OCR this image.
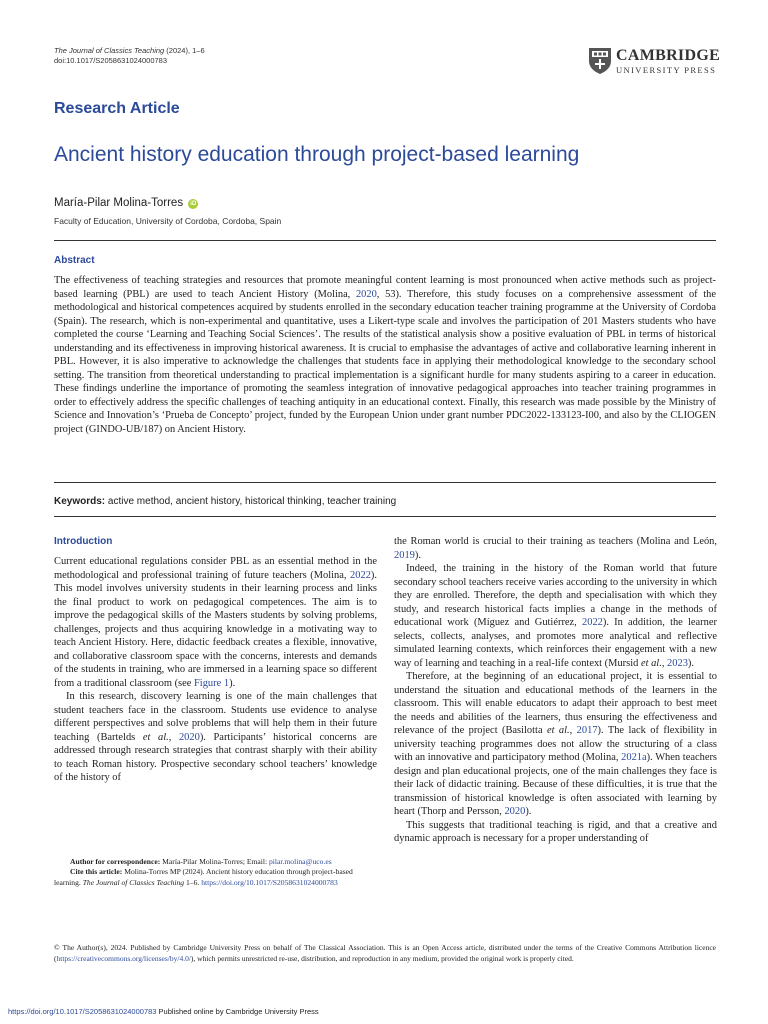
The Journal of Classics Teaching (2024), 1–6
doi:10.1017/S2058631024000783	CAMBRIDGE
UNIVERSITY PRESS
Research Article
Ancient history education through project-based learning
María-Pilar Molina-Torres iD
Faculty of Education, University of Cordoba, Cordoba, Spain
Abstract
The effectiveness of teaching strategies and resources that promote meaningful content learning is most pronounced when active methods such as project-based learning (PBL) are used to teach Ancient History (Molina, 2020, 53). Therefore, this study focuses on a comprehensive assessment of the methodological and historical competences acquired by students enrolled in the secondary education teacher training programme at the University of Cordoba (Spain). The research, which is non-experimental and quantitative, uses a Likert-type scale and involves the participation of 201 Masters students who have completed the course ‘Learning and Teaching Social Sciences’. The results of the statistical analysis show a positive evaluation of PBL in terms of historical understanding and its effectiveness in improving historical awareness. It is crucial to emphasise the advantages of active and collaborative learning inherent in PBL. However, it is also imperative to acknowledge the challenges that students face in applying their methodological knowledge to the secondary school setting. The transition from theoretical understanding to practical implementation is a significant hurdle for many students aspiring to a career in education. These findings underline the importance of promoting the seamless integration of innovative pedagogical approaches into teacher training programmes in order to effectively address the specific challenges of teaching antiquity in an educational context. Finally, this research was made possible by the Ministry of Science and Innovation’s ‘Prueba de Concepto’ project, funded by the European Union under grant number PDC2022-133123-I00, and also by the CLIOGEN project (GINDO-UB/187) on Ancient History.
Keywords: active method, ancient history, historical thinking, teacher training
Introduction

Current educational regulations consider PBL as an essential method in the methodological and professional training of future teachers (Molina, 2022). This model involves university students in their learning process and links the final product to work on pedagogical competences. The aim is to improve the pedagogical skills of the Masters students by solving problems, challenges, projects and thus acquiring knowledge in a motivating way to teach Ancient History. Here, didactic feedback creates a flexible, innovative, and collaborative classroom space with the concerns, interests and demands of the students in training, who are immersed in a learning space so different from a traditional classroom (see Figure 1).

In this research, discovery learning is one of the main challenges that student teachers face in the classroom. Students use evidence to analyse different perspectives and solve problems that will help them in their future teaching (Bartelds et al., 2020). Participants’ historical concerns are addressed through research strategies that contrast sharply with their ability to teach Roman history. Prospective secondary school teachers’ knowledge of the history of

the Roman world is crucial to their training as teachers (Molina and León, 2019).

Indeed, the training in the history of the Roman world that future secondary school teachers receive varies according to the university in which they are enrolled. Therefore, the depth and specialisation with which they study, and research historical facts implies a change in the methods of educational work (Míguez and Gutiérrez, 2022). In addition, the learner selects, collects, analyses, and promotes more analytical and reflective simulated learning contexts, which reinforces their engagement with a new way of learning and teaching in a real-life context (Mursid et al., 2023).

Therefore, at the beginning of an educational project, it is essential to understand the situation and educational methods of the learners in the classroom. This will enable educators to adapt their approach to best meet the needs and abilities of the learners, thus ensuring the effectiveness and relevance of the project (Basilotta et al., 2017). The lack of flexibility in university teaching programmes does not allow the structuring of a class with an innovative and participatory method (Molina, 2021a). When teachers design and plan educational projects, one of the main challenges they face is their lack of didactic training. Because of these difficulties, it is true that the transmission of historical knowledge is often associated with learning by heart (Thorp and Persson, 2020).

This suggests that traditional teaching is rigid, and that a creative and dynamic approach is necessary for a proper understanding of

Author for correspondence: María-Pilar Molina-Torres; Email: pilar.molina@uco.es
Cite this article: Molina-Torres MP (2024). Ancient history education through project-based learning. The Journal of Classics Teaching 1–6. https://doi.org/10.1017/S2058631024000783
© The Author(s), 2024. Published by Cambridge University Press on behalf of The Classical Association. This is an Open Access article, distributed under the terms of the Creative Commons Attribution licence (https://creativecommons.org/licenses/by/4.0/), which permits unrestricted re-use, distribution, and reproduction in any medium, provided the original work is properly cited.
https://doi.org/10.1017/S2058631024000783 Published online by Cambridge University Press
